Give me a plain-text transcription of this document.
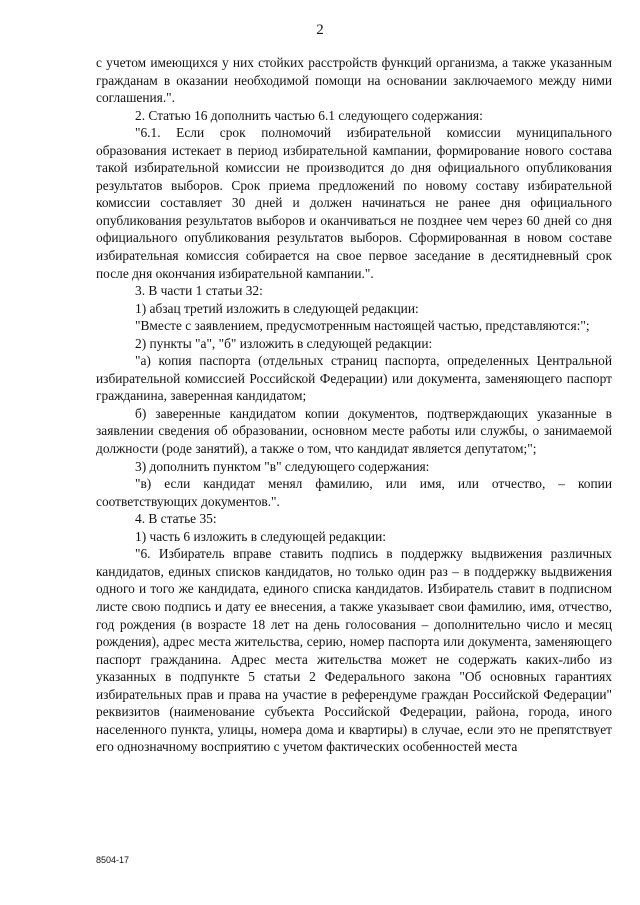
2

с учетом имеющихся у них стойких расстройств функций организма, а также указанным гражданам в оказании необходимой помощи на основании заключаемого между ними соглашения.".

2. Статью 16 дополнить частью 6.1 следующего содержания:

"6.1. Если срок полномочий избирательной комиссии муниципального образования истекает в период избирательной кампании, формирование нового состава такой избирательной комиссии не производится до дня официального опубликования результатов выборов. Срок приема предложений по новому составу избирательной комиссии составляет 30 дней и должен начинаться не ранее дня официального опубликования результатов выборов и оканчиваться не позднее чем через 60 дней со дня официального опубликования результатов выборов. Сформированная в новом составе избирательная комиссия собирается на свое первое заседание в десятидневный срок после дня окончания избирательной кампании.".

3. В части 1 статьи 32:

1) абзац третий изложить в следующей редакции:

"Вместе с заявлением, предусмотренным настоящей частью, представляются:";

2) пункты "а", "б" изложить в следующей редакции:

"а) копия паспорта (отдельных страниц паспорта, определенных Центральной избирательной комиссией Российской Федерации) или документа, заменяющего паспорт гражданина, заверенная кандидатом;

б) заверенные кандидатом копии документов, подтверждающих указанные в заявлении сведения об образовании, основном месте работы или службы, о занимаемой должности (роде занятий), а также о том, что кандидат является депутатом;";

3) дополнить пунктом "в" следующего содержания:

"в) если кандидат менял фамилию, или имя, или отчество, – копии соответствующих документов.".

4. В статье 35:

1) часть 6 изложить в следующей редакции:

"6. Избиратель вправе ставить подпись в поддержку выдвижения различных кандидатов, единых списков кандидатов, но только один раз – в поддержку выдвижения одного и того же кандидата, единого списка кандидатов. Избиратель ставит в подписном листе свою подпись и дату ее внесения, а также указывает свои фамилию, имя, отчество, год рождения (в возрасте 18 лет на день голосования – дополнительно число и месяц рождения), адрес места жительства, серию, номер паспорта или документа, заменяющего паспорт гражданина. Адрес места жительства может не содержать каких-либо из указанных в подпункте 5 статьи 2 Федерального закона "Об основных гарантиях избирательных прав и права на участие в референдуме граждан Российской Федерации" реквизитов (наименование субъекта Российской Федерации, района, города, иного населенного пункта, улицы, номера дома и квартиры) в случае, если это не препятствует его однозначному восприятию с учетом фактических особенностей места

8504-17
